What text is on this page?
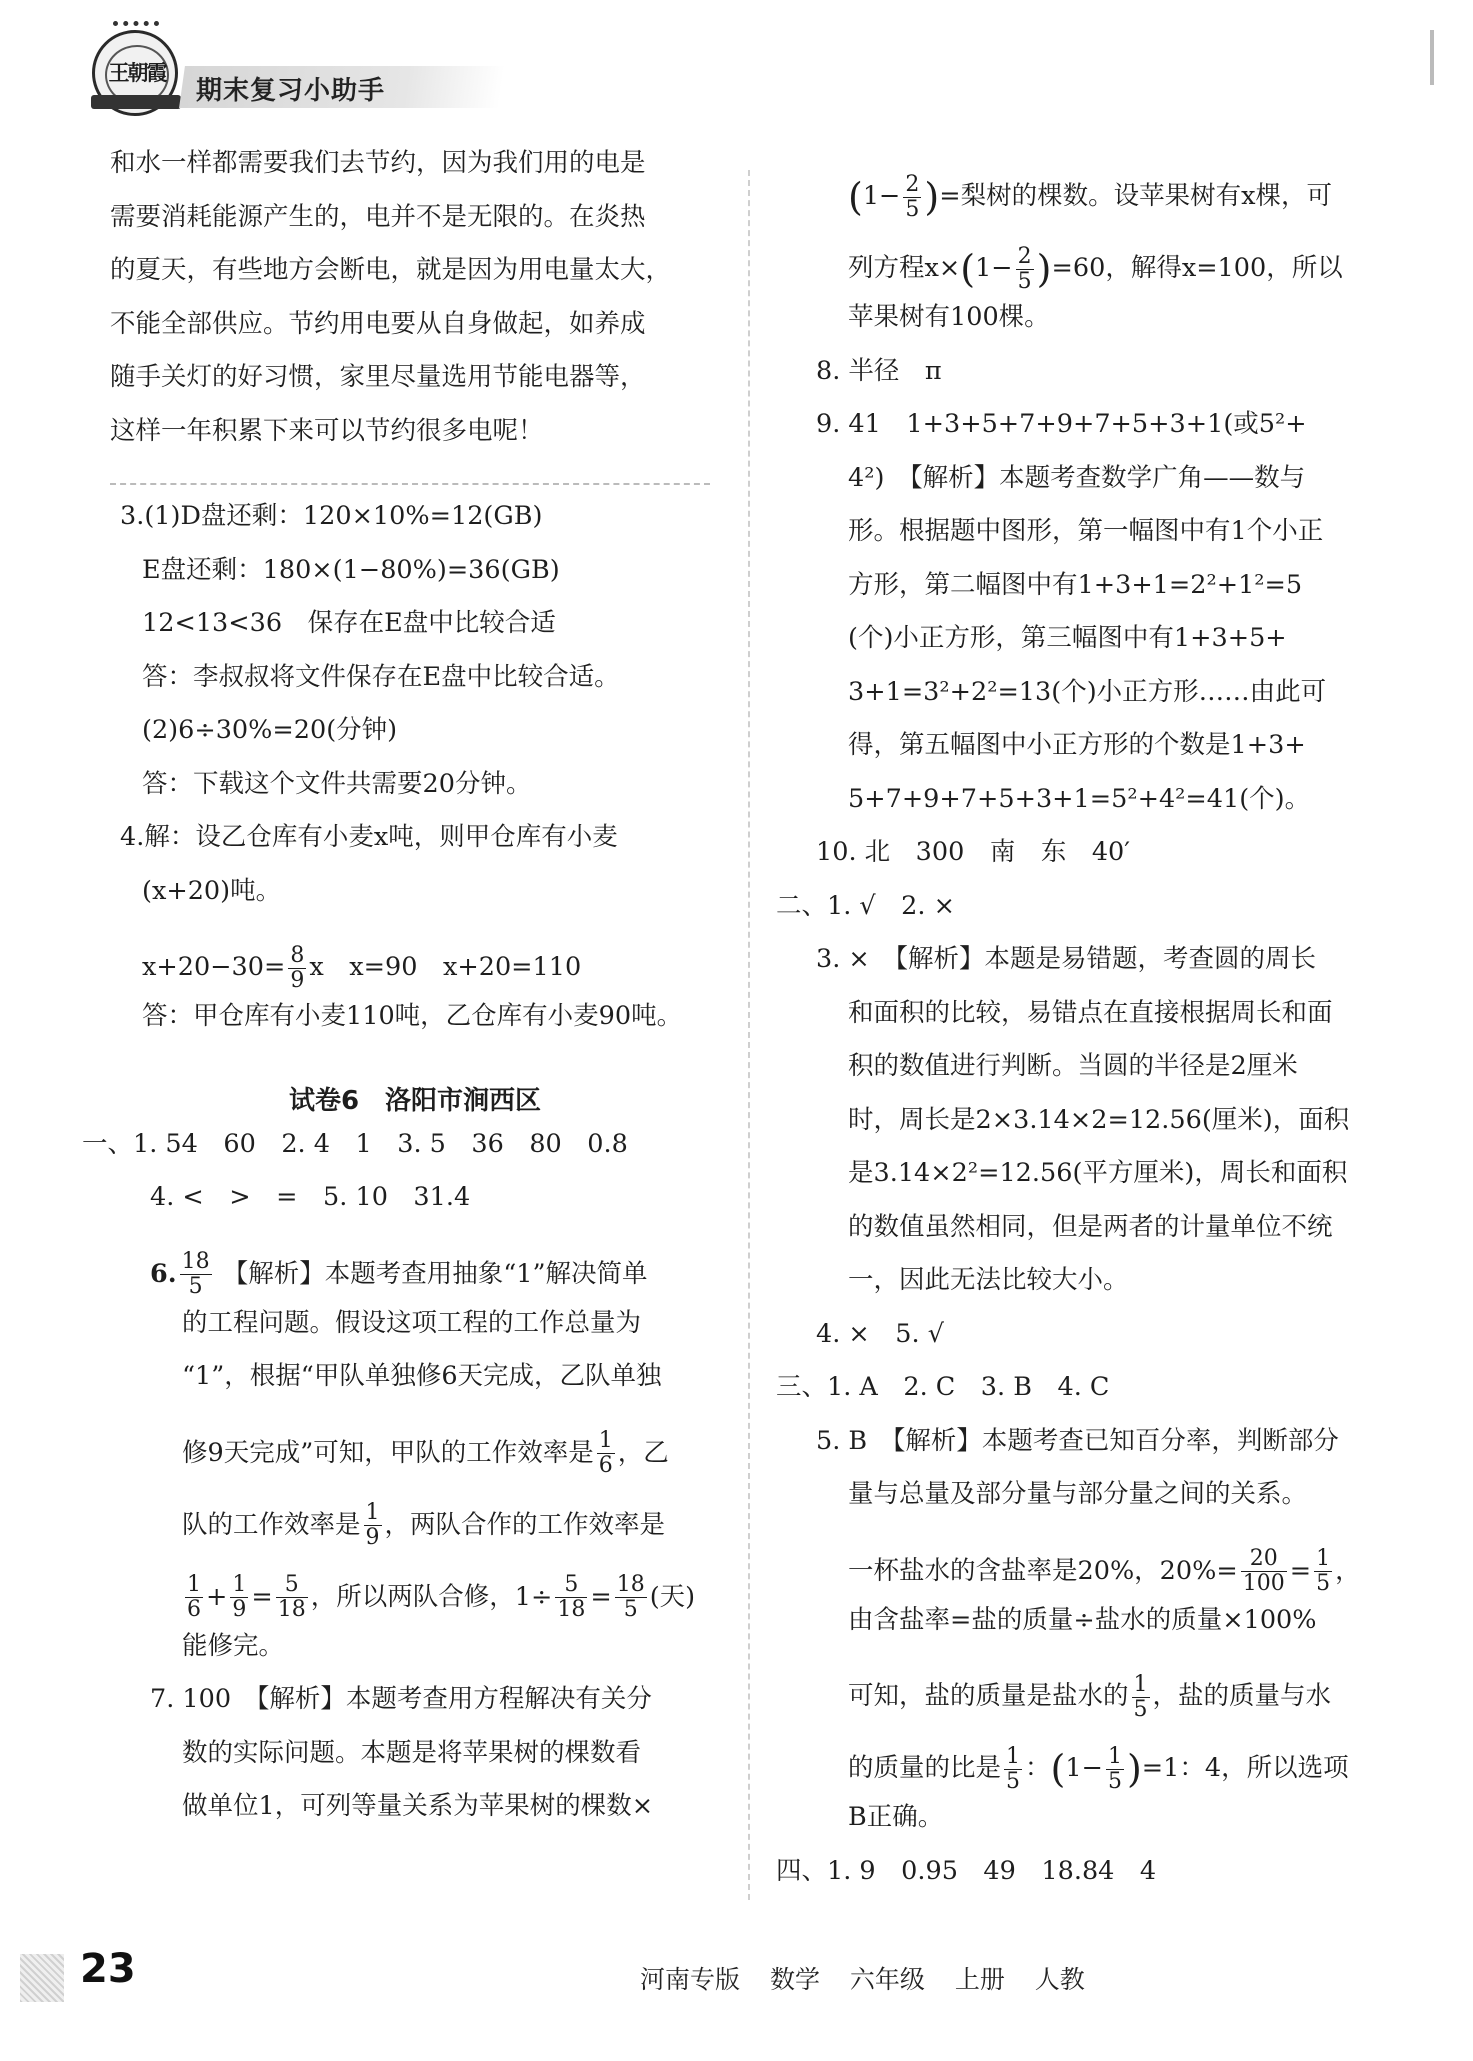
王朝霞
期末复习小助手
和水一样都需要我们去节约，因为我们用的电是
需要消耗能源产生的，电并不是无限的。在炎热
的夏天，有些地方会断电，就是因为用电量太大，
不能全部供应。节约用电要从自身做起，如养成
随手关灯的好习惯，家里尽量选用节能电器等，
这样一年积累下来可以节约很多电呢！
3.(1)D盘还剩：120×10%=12(GB)
E盘还剩：180×(1−80%)=36(GB)
12<13<36　保存在E盘中比较合适
答：李叔叔将文件保存在E盘中比较合适。
(2)6÷30%=20(分钟)
答：下载这个文件共需要20分钟。
4.解：设乙仓库有小麦x吨，则甲仓库有小麦
(x+20)吨。
$x+20-30= \frac{8}{9}$ x　x=90　x+20=110
答：甲仓库有小麦110吨，乙仓库有小麦90吨。
试卷6　洛阳市涧西区
一、1. 54　60　2. 4　1　3. 5　36　80　0.8
4. <　>　=　5. 10　31.4
6. $\frac{18}{5}$ 【解析】本题考查用抽象“1”解决简单
的工程问题。假设这项工程的工作总量为
“1”，根据“甲队单独修6天完成，乙队单独
修9天完成”可知，甲队的工作效率是 $\frac{1}{6}$ ，乙
队的工作效率是 $\frac{1}{9}$ ，两队合作的工作效率是
$\frac{1}{6} + \frac{1}{9} = \frac{5}{18}$ ，所以两队合修，$1\div \frac{5}{18} = \frac{18}{5}$ (天)
能修完。
7. 100　【解析】本题考查用方程解决有关分
数的实际问题。本题是将苹果树的棵数看
做单位1，可列等量关系为苹果树的棵数×
($1- \frac{2}{5}$ )=梨树的棵数。设苹果树有x棵，可
列方程$x\times(1- \frac{2}{5} )=60$，解得x=100，所以
苹果树有100棵。
8. 半径　π
9. 41　1+3+5+7+9+7+5+3+1(或5²+
4²)　【解析】本题考查数学广角——数与
形。根据题中图形，第一幅图中有1个小正
方形，第二幅图中有1+3+1=2²+1²=5
(个)小正方形，第三幅图中有1+3+5+
3+1=3²+2²=13(个)小正方形……由此可
得，第五幅图中小正方形的个数是1+3+
5+7+9+7+5+3+1=5²+4²=41(个)。
10. 北　300　南　东　40′
二、1. √　2. ×
3. ×　【解析】本题是易错题，考查圆的周长
和面积的比较，易错点在直接根据周长和面
积的数值进行判断。当圆的半径是2厘米
时，周长是2×3.14×2=12.56(厘米)，面积
是3.14×2²=12.56(平方厘米)，周长和面积
的数值虽然相同，但是两者的计量单位不统
一，因此无法比较大小。
4. ×　5. √
三、1. A　2. C　3. B　4. C
5. B　【解析】本题考查已知百分率，判断部分
量与总量及部分量与部分量之间的关系。
一杯盐水的含盐率是20%，$20\%= \frac{20}{100} = \frac{1}{5}$ ，
由含盐率=盐的质量÷盐水的质量×100%
可知，盐的质量是盐水的 $\frac{1}{5}$ ，盐的质量与水
的质量的比是 $\frac{1}{5}$ ：$(1- \frac{1}{5} )=1$：4，所以选项
B正确。
四、1. 9　0.95　49　18.84　4
23	河南专版 数学 六年级 上册 人教
